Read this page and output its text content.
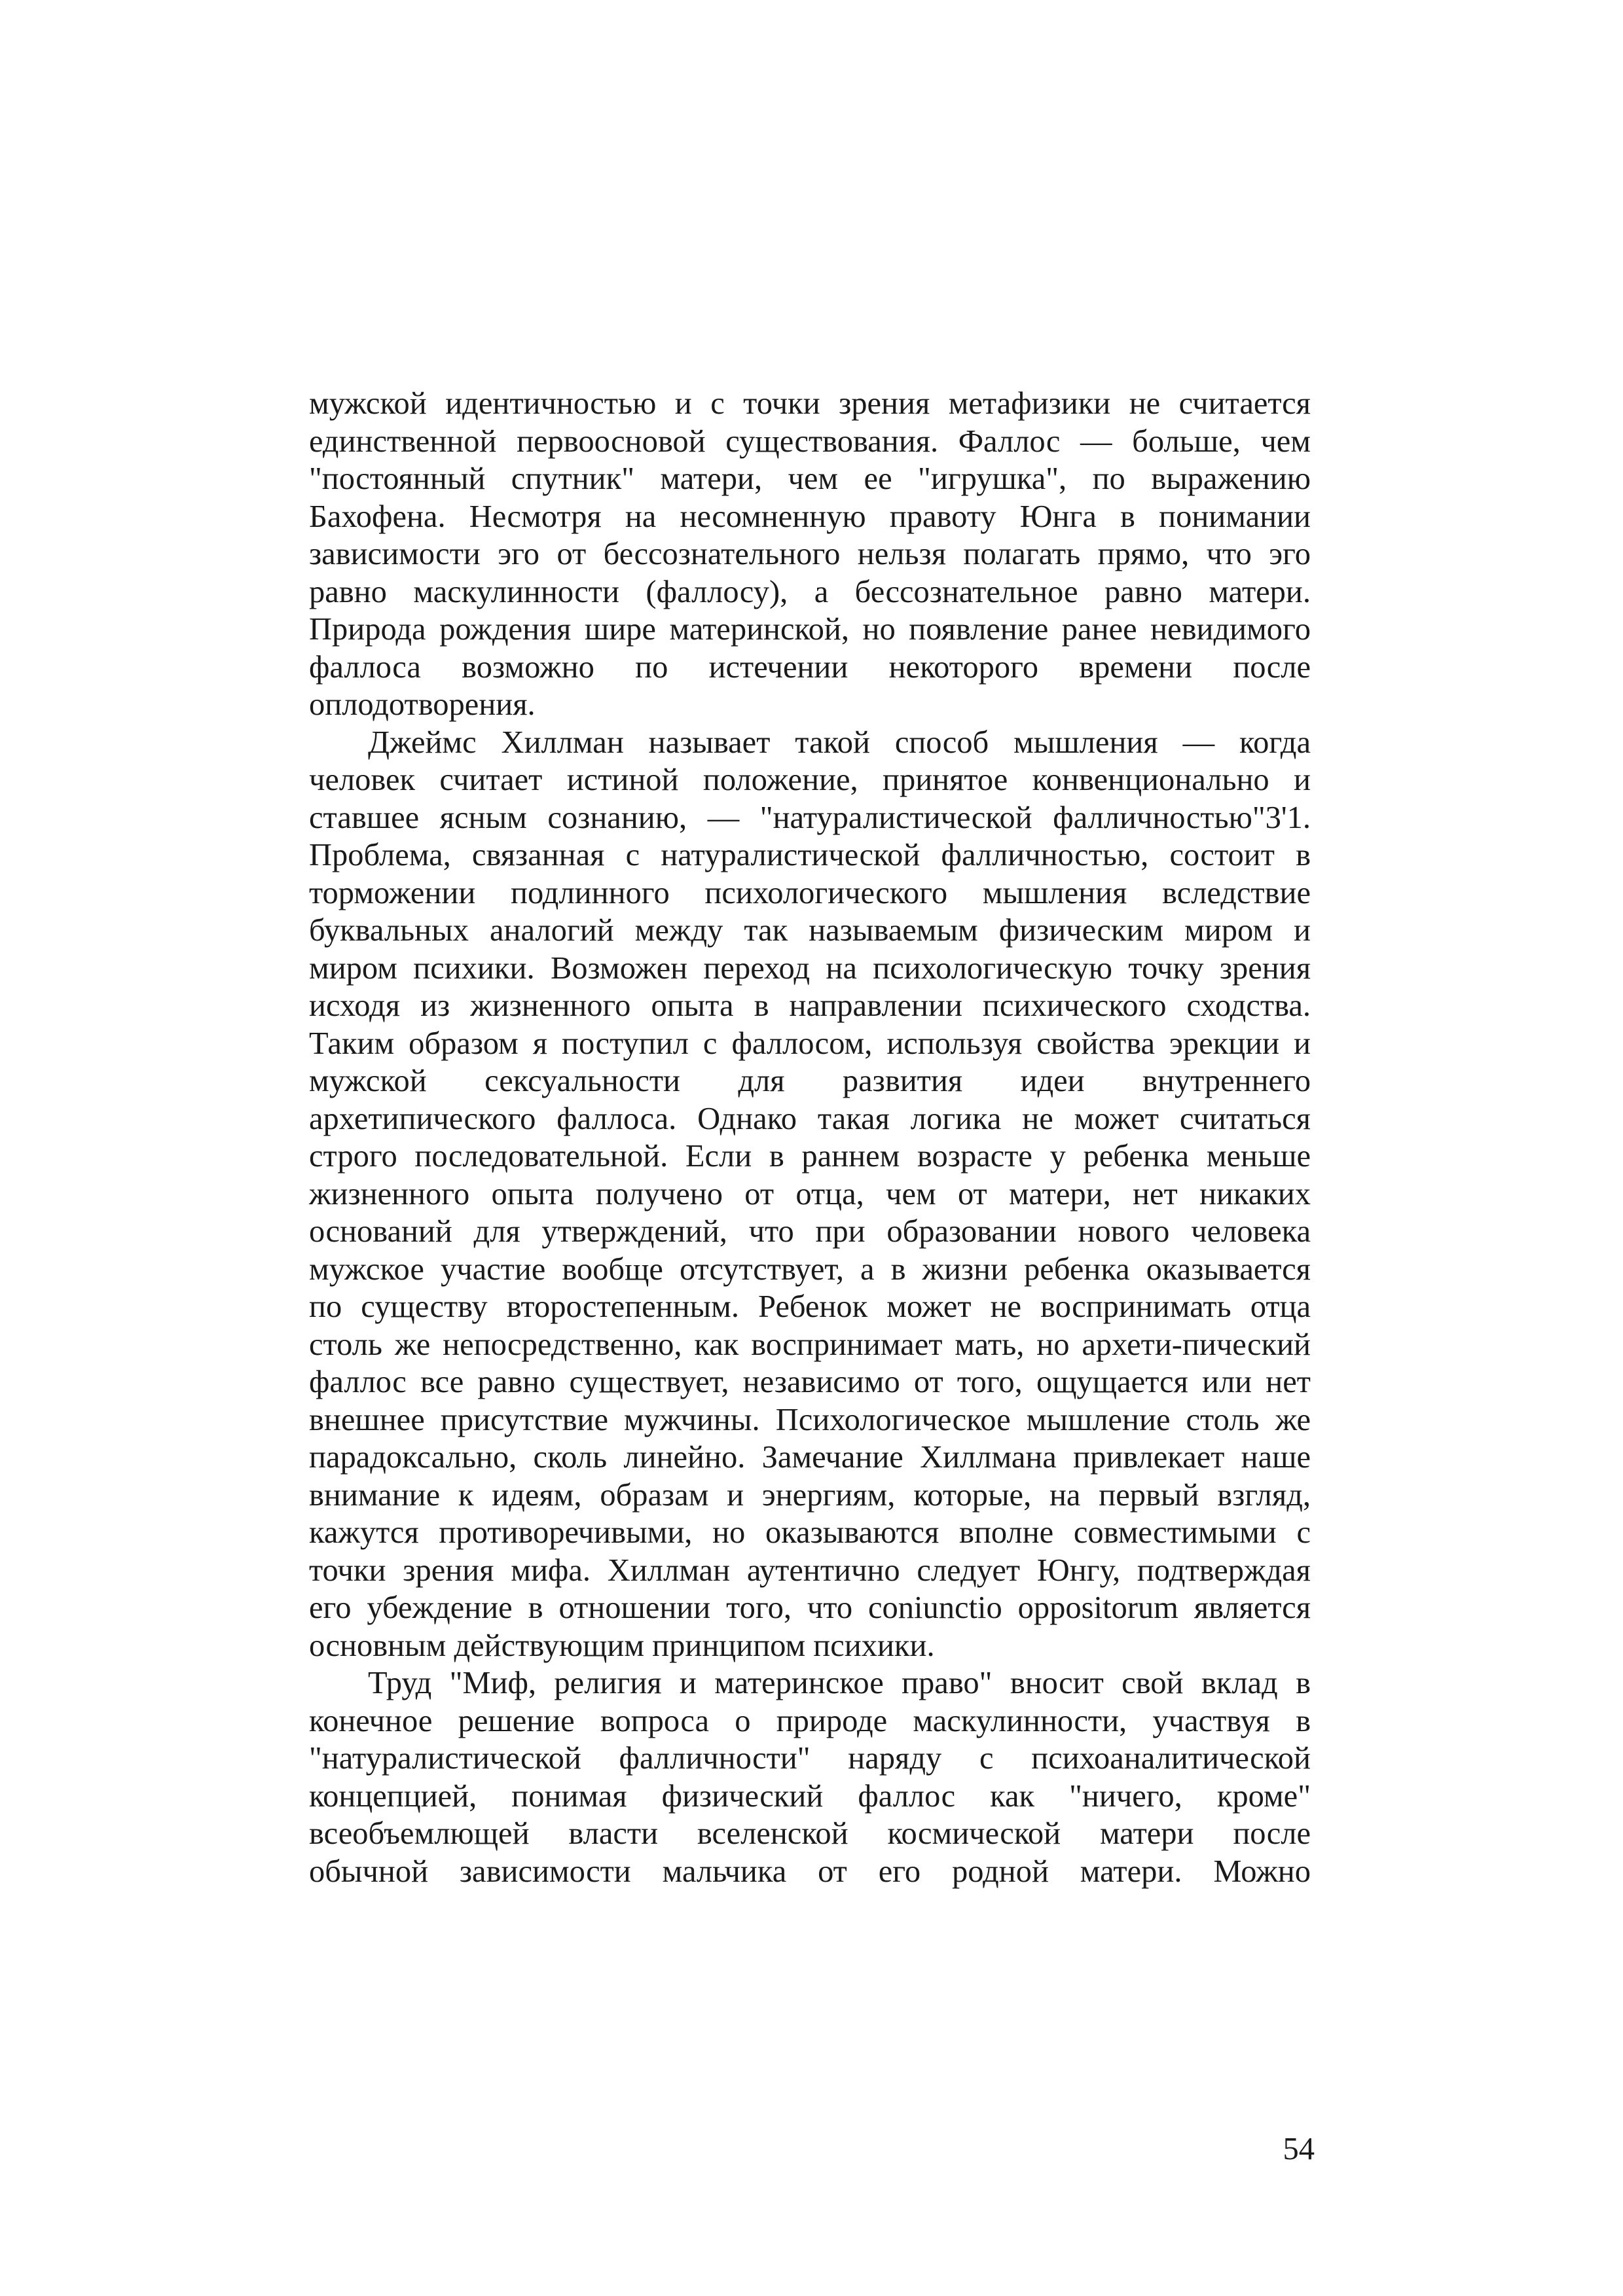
мужской идентичностью и с точки зрения метафизики не считается
единственной первоосновой существования. Фаллос — больше, чем
"постоянный спутник" матери, чем ее "игрушка", по выражению
Бахофена. Несмотря на несомненную правоту Юнга в понимании
зависимости эго от бессознательного нельзя полагать прямо, что эго
равно маскулинности (фаллосу), а бессознательное равно матери.
Природа рождения шире материнской, но появление ранее невидимого
фаллоса возможно по истечении некоторого времени после
оплодотворения.
Джеймс Хиллман называет такой способ мышления — когда
человек считает истиной положение, принятое конвенционально и
ставшее ясным сознанию, — "натуралистической фалличностью"3'1.
Проблема, связанная с натуралистической фалличностью, состоит в
торможении подлинного психологического мышления вследствие
буквальных аналогий между так называемым физическим миром и
миром психики. Возможен переход на психологическую точку зрения
исходя из жизненного опыта в направлении психического сходства.
Таким образом я поступил с фаллосом, используя свойства эрекции и
мужской сексуальности для развития идеи внутреннего
архетипического фаллоса. Однако такая логика не может считаться
строго последовательной. Если в раннем возрасте у ребенка меньше
жизненного опыта получено от отца, чем от матери, нет никаких
оснований для утверждений, что при образовании нового человека
мужское участие вообще отсутствует, а в жизни ребенка оказывается
по существу второстепенным. Ребенок может не воспринимать отца
столь же непосредственно, как воспринимает мать, но архети-пический
фаллос все равно существует, независимо от того, ощущается или нет
внешнее присутствие мужчины. Психологическое мышление столь же
парадоксально, сколь линейно. Замечание Хиллмана привлекает наше
внимание к идеям, образам и энергиям, которые, на первый взгляд,
кажутся противоречивыми, но оказываются вполне совместимыми с
точки зрения мифа. Хиллман аутентично следует Юнгу, подтверждая
его убеждение в отношении того, что coniunctio oppositorum является
основным действующим принципом психики.
Труд "Миф, религия и материнское право" вносит свой вклад в
конечное решение вопроса о природе маскулинности, участвуя в
"натуралистической фалличности" наряду с психоаналитической
концепцией, понимая физический фаллос как "ничего, кроме"
всеобъемлющей власти вселенской космической матери после
обычной зависимости мальчика от его родной матери. Можно
54
